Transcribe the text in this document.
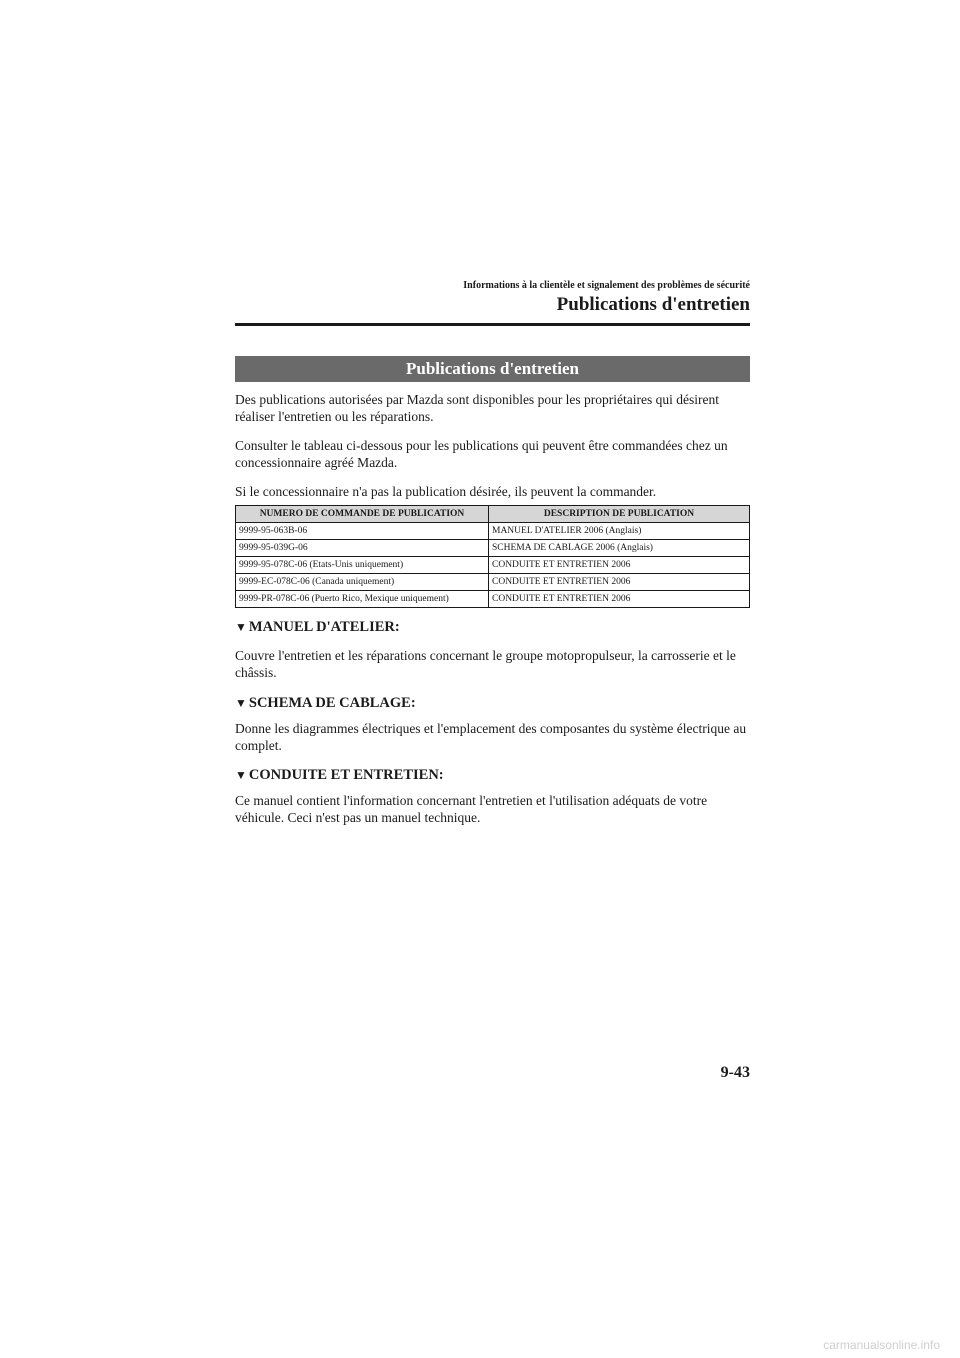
Informations à la clientèle et signalement des problèmes de sécurité
Publications d'entretien
Publications d'entretien

Des publications autorisées par Mazda sont disponibles pour les propriétaires qui désirent réaliser l'entretien ou les réparations.

Consulter le tableau ci-dessous pour les publications qui peuvent être commandées chez un concessionnaire agréé Mazda.

Si le concessionnaire n'a pas la publication désirée, ils peuvent la commander.

NUMERO DE COMMANDE DE PUBLICATION	DESCRIPTION DE PUBLICATION
9999-95-063B-06	MANUEL D'ATELIER 2006 (Anglais)
9999-95-039G-06	SCHEMA DE CABLAGE 2006 (Anglais)
9999-95-078C-06 (Etats-Unis uniquement)	CONDUITE ET ENTRETIEN 2006
9999-EC-078C-06 (Canada uniquement)	CONDUITE ET ENTRETIEN 2006
9999-PR-078C-06 (Puerto Rico, Mexique uniquement)	CONDUITE ET ENTRETIEN 2006
▼ MANUEL D'ATELIER:

Couvre l'entretien et les réparations concernant le groupe motopropulseur, la carrosserie et le châssis.

▼ SCHEMA DE CABLAGE:

Donne les diagrammes électriques et l'emplacement des composantes du système électrique au complet.

▼ CONDUITE ET ENTRETIEN:

Ce manuel contient l'information concernant l'entretien et l'utilisation adéquats de votre véhicule. Ceci n'est pas un manuel technique.

9-43
carmanualsonline.info
